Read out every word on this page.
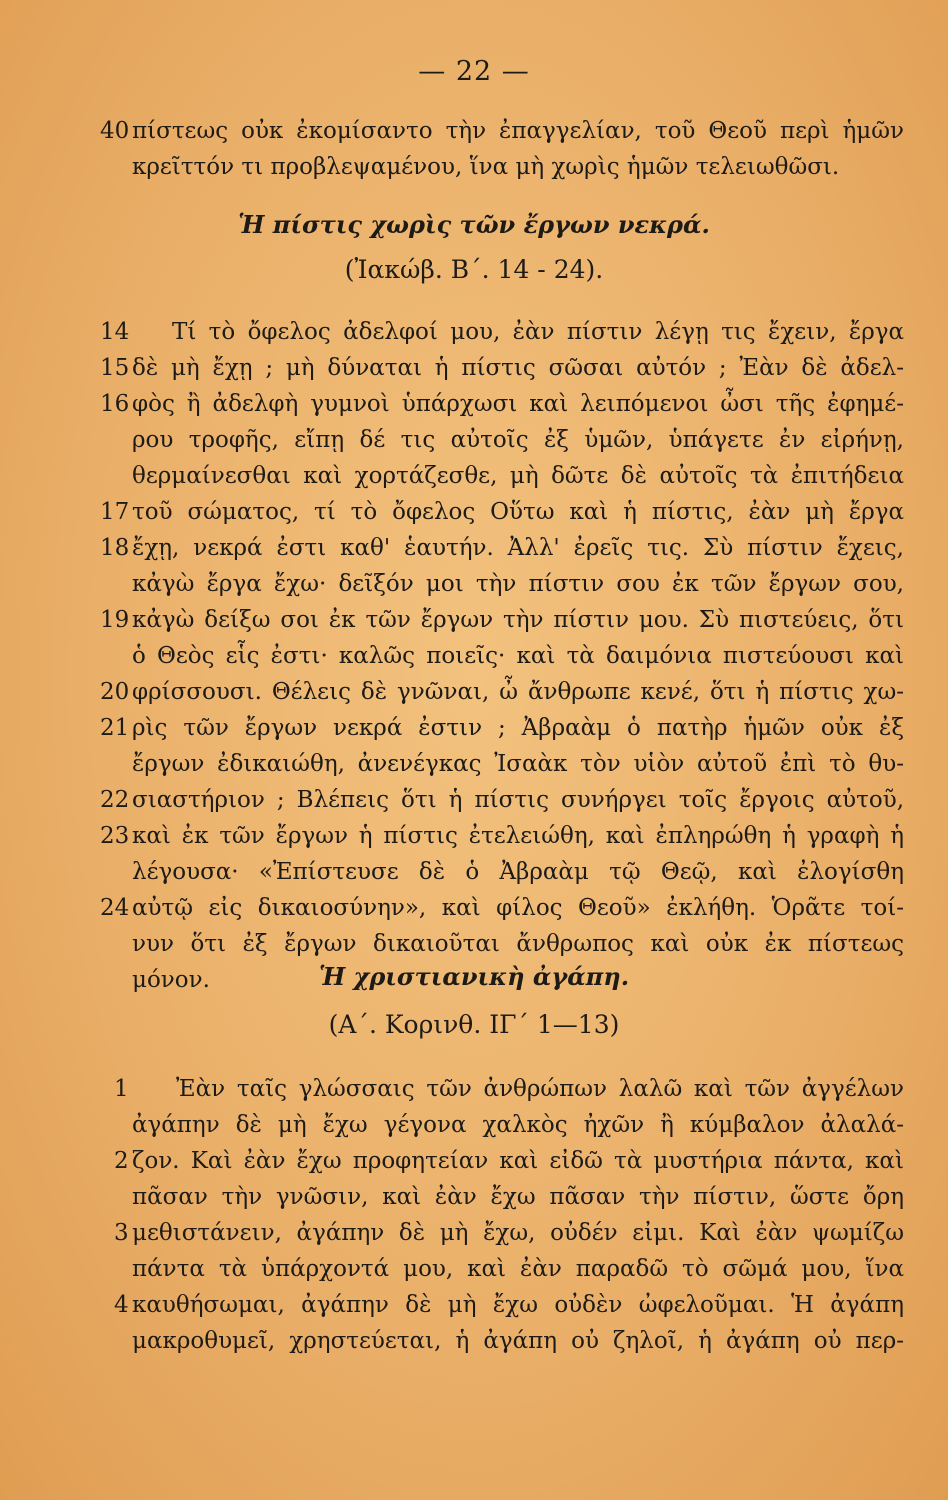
— 22 —
40 πίστεως οὐκ ἐκομίσαντο τὴν ἐπαγγελίαν, τοῦ Θεοῦ περὶ ἡμῶν
κρεῖττόν τι προβλεψαμένου, ἵνα μὴ χωρὶς ἡμῶν τελειωθῶσι.
Ἡ πίστις χωρὶς τῶν ἔργων νεκρά.
(Ἰακώβ. Β΄. 14 - 24).
14 Τί τὸ ὄφελος ἀδελφοί μου, ἐὰν πίστιν λέγῃ τις ἔχειν, ἔργα
15 δὲ μὴ ἔχῃ ; μὴ δύναται ἡ πίστις σῶσαι αὐτόν ; Ἐὰν δὲ ἀδελ-
16 φὸς ἢ ἀδελφὴ γυμνοὶ ὑπάρχωσι καὶ λειπόμενοι ὦσι τῆς ἐφημέ-
ρου τροφῆς, εἴπῃ δέ τις αὐτοῖς ἐξ ὑμῶν, ὑπάγετε ἐν εἰρήνῃ,
θερμαίνεσθαι καὶ χορτάζεσθε, μὴ δῶτε δὲ αὐτοῖς τὰ ἐπιτήδεια
17 τοῦ σώματος, τί τὸ ὄφελος Οὕτω καὶ ἡ πίστις, ἐὰν μὴ ἔργα
18 ἔχῃ, νεκρά ἐστι καθ' ἑαυτήν. Ἀλλ' ἐρεῖς τις. Σὺ πίστιν ἔχεις,
κἀγὼ ἔργα ἔχω· δεῖξόν μοι τὴν πίστιν σου ἐκ τῶν ἔργων σου,
19 κἀγὼ δείξω σοι ἐκ τῶν ἔργων τὴν πίστιν μου. Σὺ πιστεύεις, ὅτι
ὁ Θεὸς εἷς ἐστι· καλῶς ποιεῖς· καὶ τὰ δαιμόνια πιστεύουσι καὶ
20 φρίσσουσι. Θέλεις δὲ γνῶναι, ὦ ἄνθρωπε κενέ, ὅτι ἡ πίστις χω-
21 ρὶς τῶν ἔργων νεκρά ἐστιν ; Ἀβραὰμ ὁ πατὴρ ἡμῶν οὐκ ἐξ
ἔργων ἐδικαιώθη, ἀνενέγκας Ἰσαὰκ τὸν υἱὸν αὐτοῦ ἐπὶ τὸ θυ-
22 σιαστήριον ; Βλέπεις ὅτι ἡ πίστις συνήργει τοῖς ἔργοις αὐτοῦ,
23 καὶ ἐκ τῶν ἔργων ἡ πίστις ἐτελειώθη, καὶ ἐπληρώθη ἡ γραφὴ ἡ
λέγουσα· «Ἐπίστευσε δὲ ὁ Ἀβραὰμ τῷ Θεῷ, καὶ ἐλογίσθη
24 αὐτῷ εἰς δικαιοσύνην», καὶ φίλος Θεοῦ» ἐκλήθη. Ὁρᾶτε τοί-
νυν ὅτι ἐξ ἔργων δικαιοῦται ἄνθρωπος καὶ οὐκ ἐκ πίστεως
μόνον.	Ἡ χριστιανικὴ ἀγάπη.
(Α΄. Κορινθ. ΙΓ΄ 1—13)
1 Ἐὰν ταῖς γλώσσαις τῶν ἀνθρώπων λαλῶ καὶ τῶν ἀγγέλων
ἀγάπην δὲ μὴ ἔχω γέγονα χαλκὸς ἠχῶν ἢ κύμβαλον ἀλαλά-
2 ζον. Καὶ ἐὰν ἔχω προφητείαν καὶ εἰδῶ τὰ μυστήρια πάντα, καὶ
πᾶσαν τὴν γνῶσιν, καὶ ἐὰν ἔχω πᾶσαν τὴν πίστιν, ὥστε ὄρη
3 μεθιστάνειν, ἀγάπην δὲ μὴ ἔχω, οὐδέν εἰμι. Καὶ ἐὰν ψωμίζω
πάντα τὰ ὑπάρχοντά μου, καὶ ἐὰν παραδῶ τὸ σῶμά μου, ἵνα
4 καυθήσωμαι, ἀγάπην δὲ μὴ ἔχω οὐδὲν ὠφελοῦμαι. Ἡ ἀγάπη
μακροθυμεῖ, χρηστεύεται, ἡ ἀγάπη οὐ ζηλοῖ, ἡ ἀγάπη οὐ περ-
